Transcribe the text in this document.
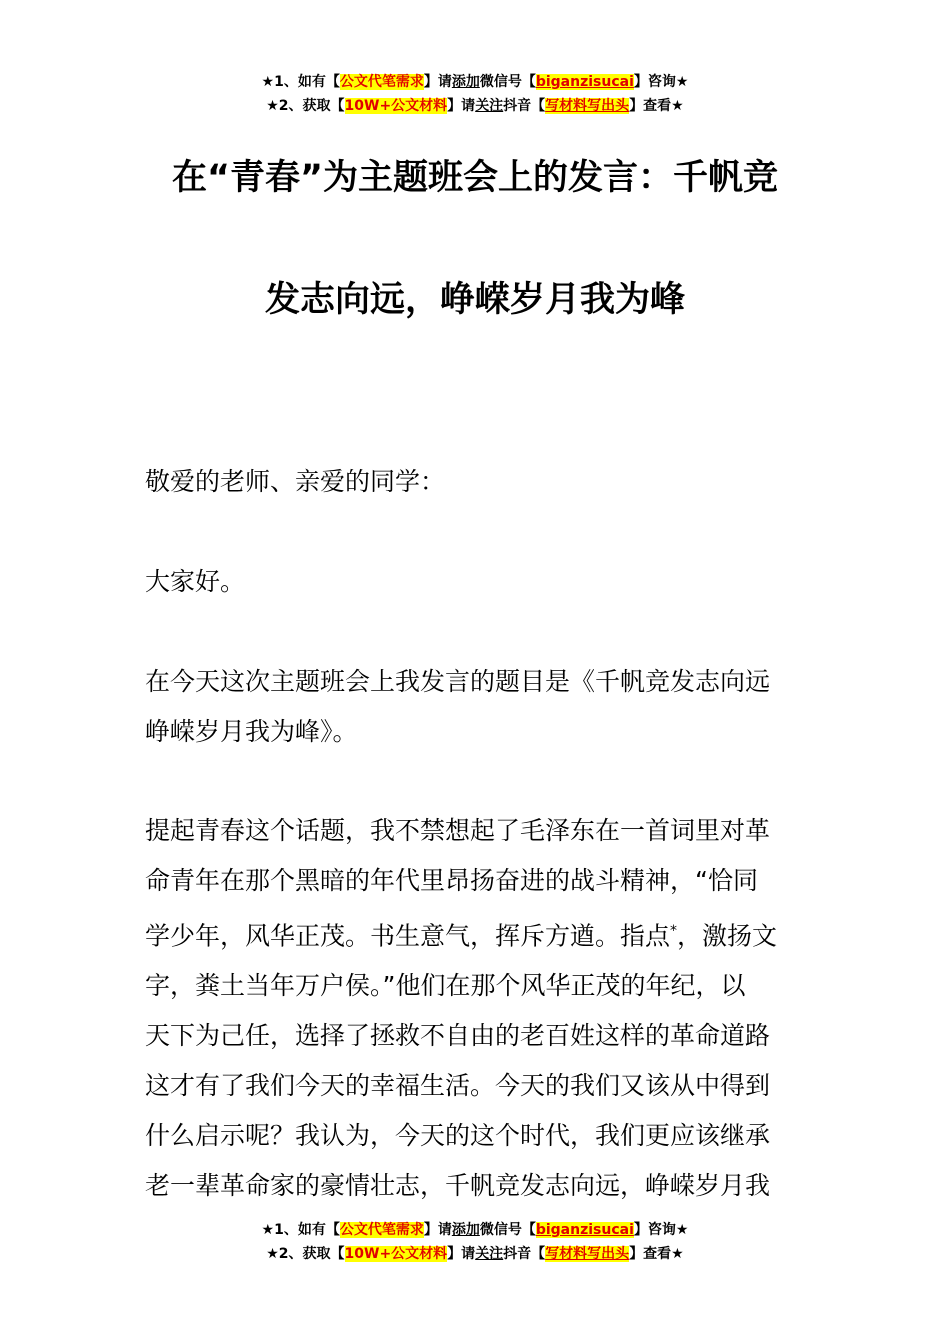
★1、如有【公文代笔需求】请添加微信号【biganzisucai】咨询★
★2、获取【10W+公文材料】请关注抖音【写材料写出头】查看★
在“青春”为主题班会上的发言：千帆竞
发志向远，峥嵘岁月我为峰

敬爱的老师、亲爱的同学：

大家好。

在今天这次主题班会上我发言的题目是《千帆竞发志向远
峥嵘岁月我为峰》。

提起青春这个话题，我不禁想起了毛泽东在一首词里对革
命青年在那个黑暗的年代里昂扬奋进的战斗精神，“恰同
学少年，风华正茂。书生意气，挥斥方遒。指点*，激扬文
字，粪土当年万户侯。”他们在那个风华正茂的年纪，以
天下为己任，选择了拯救不自由的老百姓这样的革命道路
这才有了我们今天的幸福生活。今天的我们又该从中得到
什么启示呢？我认为，今天的这个时代，我们更应该继承
老一辈革命家的豪情壮志，千帆竞发志向远，峥嵘岁月我

★1、如有【公文代笔需求】请添加微信号【biganzisucai】咨询★
★2、获取【10W+公文材料】请关注抖音【写材料写出头】查看★
